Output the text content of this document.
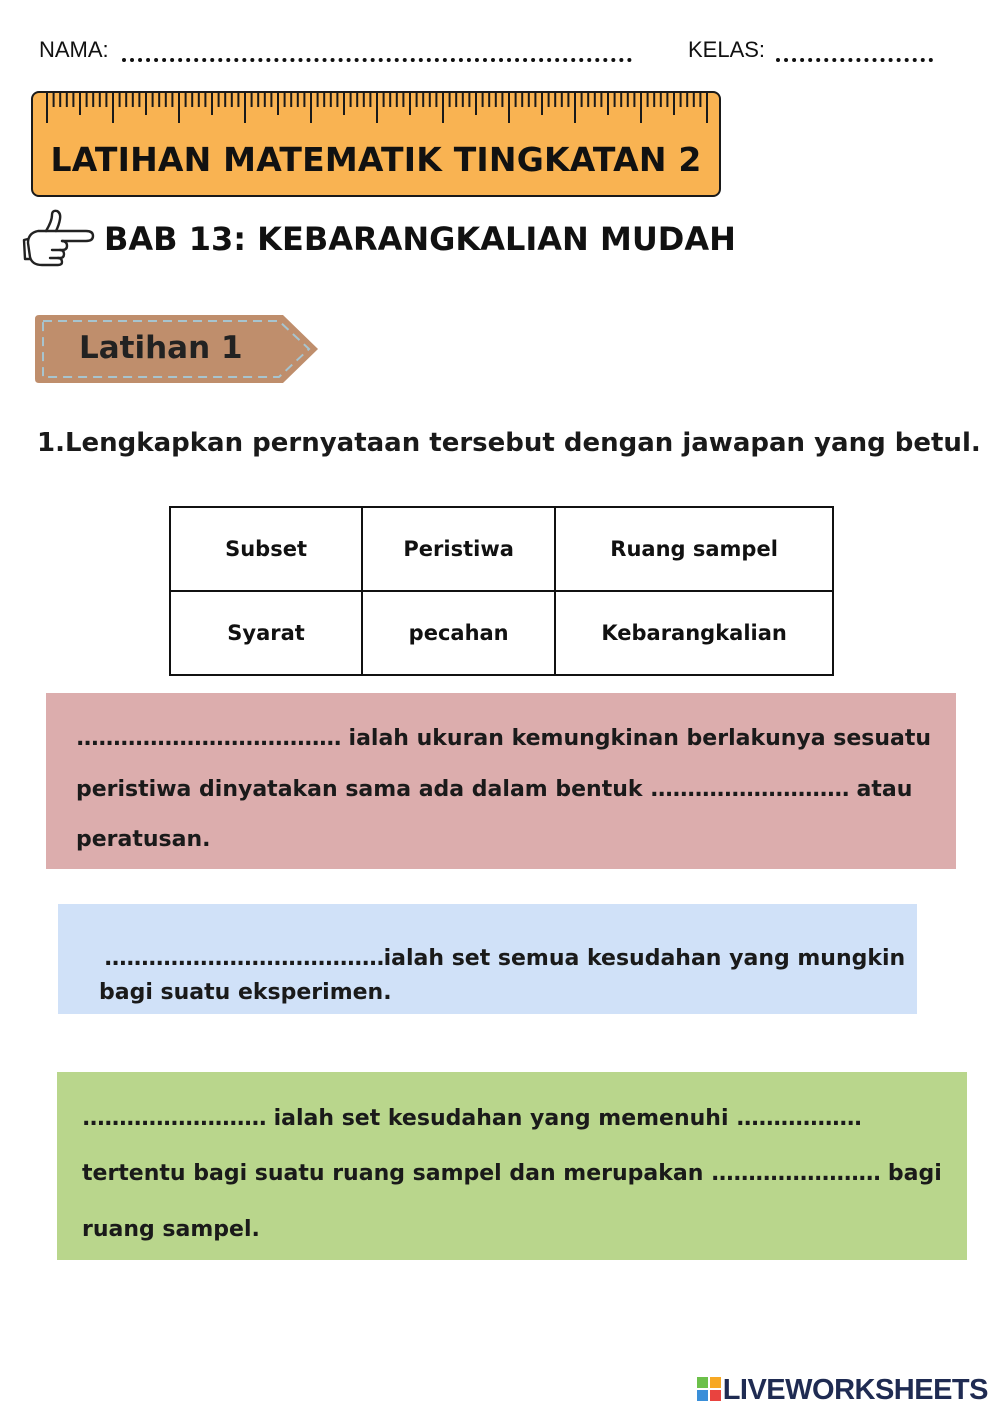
NAMA:	KELAS:
LATIHAN MATEMATIK TINGKATAN 2
BAB 13: KEBARANGKALIAN MUDAH
Latihan 1
1.Lengkapkan pernyataan tersebut dengan jawapan yang betul.
Subset	Peristiwa	Ruang sampel
Syarat	pecahan	Kebarangkalian

.................................... ialah ukuran kemungkinan berlakunya sesuatu

peristiwa dinyatakan sama ada dalam bentuk ........................... atau

peratusan.

......................................ialah set semua kesudahan yang mungkin

bagi suatu eksperimen.

......................... ialah set kesudahan yang memenuhi .................

tertentu bagi suatu ruang sampel dan merupakan ....................... bagi

ruang sampel.

LIVEWORKSHEETS
